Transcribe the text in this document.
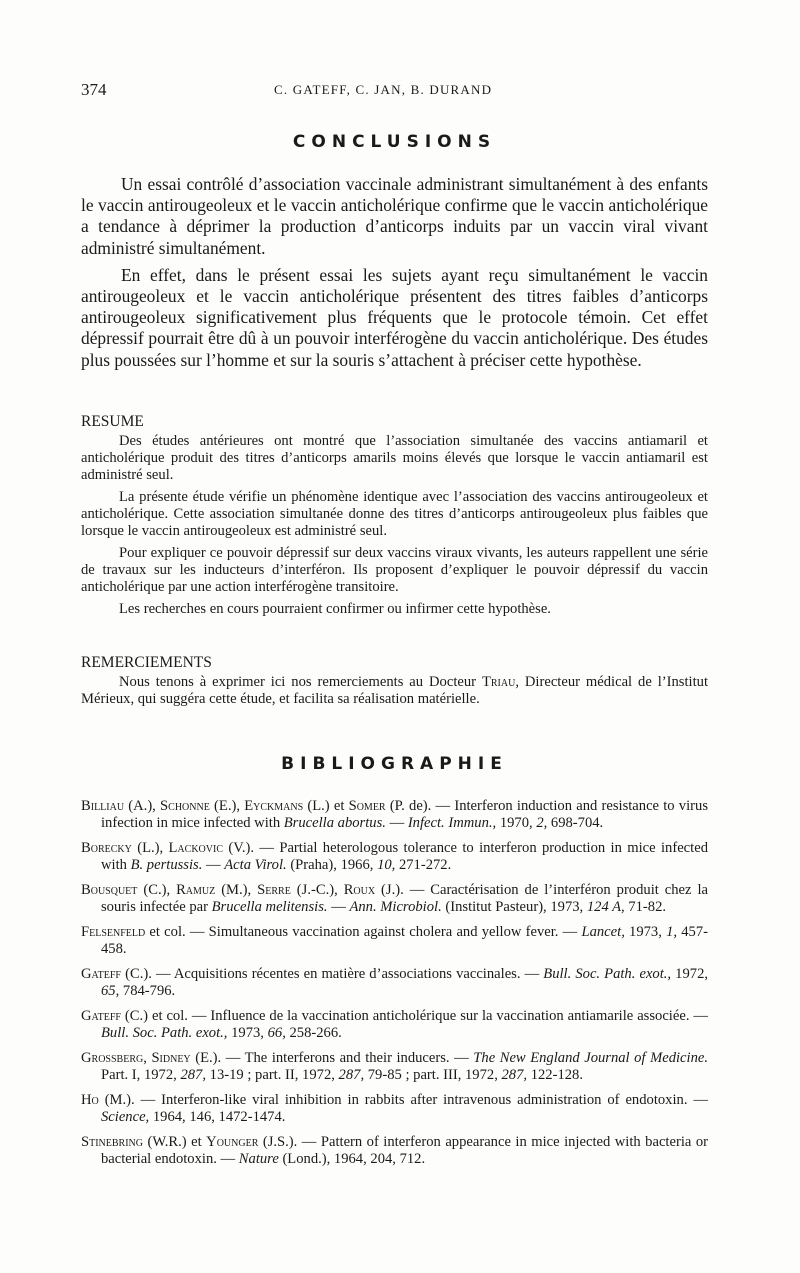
374	C. GATEFF, C. JAN, B. DURAND
CONCLUSIONS

Un essai contrôlé d’association vaccinale administrant simultanément à des enfants le vaccin antirougeoleux et le vaccin anticholérique confirme que le vaccin anticholérique a tendance à déprimer la production d’anticorps induits par un vaccin viral vivant administré simultanément.

En effet, dans le présent essai les sujets ayant reçu simultanément le vaccin antirougeoleux et le vaccin anticholérique présentent des titres faibles d’anticorps antirougeoleux significativement plus fréquents que le protocole témoin. Cet effet dépressif pourrait être dû à un pouvoir interférogène du vaccin anticholérique. Des études plus poussées sur l’homme et sur la souris s’attachent à préciser cette hypothèse.

RESUME

Des études antérieures ont montré que l’association simultanée des vaccins antiamaril et anticholérique produit des titres d’anticorps amarils moins élevés que lorsque le vaccin antiamaril est administré seul.

La présente étude vérifie un phénomène identique avec l’association des vaccins antirougeoleux et anticholérique. Cette association simultanée donne des titres d’anticorps antirougeoleux plus faibles que lorsque le vaccin antirougeoleux est administré seul.

Pour expliquer ce pouvoir dépressif sur deux vaccins viraux vivants, les auteurs rappellent une série de travaux sur les inducteurs d’interféron. Ils proposent d’expliquer le pouvoir dépressif du vaccin anticholérique par une action interférogène transitoire.

Les recherches en cours pourraient confirmer ou infirmer cette hypothèse.

REMERCIEMENTS

Nous tenons à exprimer ici nos remerciements au Docteur Triau, Directeur médical de l’Institut Mérieux, qui suggéra cette étude, et facilita sa réalisation matérielle.

BIBLIOGRAPHIE

Billiau (A.), Schonne (E.), Eyckmans (L.) et Somer (P. de). — Interferon induction and resistance to virus infection in mice infected with Brucella abortus. — Infect. Immun., 1970, 2, 698-704.

Borecky (L.), Lackovic (V.). — Partial heterologous tolerance to interferon production in mice infected with B. pertussis. — Acta Virol. (Praha), 1966, 10, 271-272.

Bousquet (C.), Ramuz (M.), Serre (J.-C.), Roux (J.). — Caractérisation de l’interféron produit chez la souris infectée par Brucella melitensis. — Ann. Microbiol. (Institut Pasteur), 1973, 124 A, 71-82.

Felsenfeld et col. — Simultaneous vaccination against cholera and yellow fever. — Lancet, 1973, 1, 457-458.

Gateff (C.). — Acquisitions récentes en matière d’associations vaccinales. — Bull. Soc. Path. exot., 1972, 65, 784-796.

Gateff (C.) et col. — Influence de la vaccination anticholérique sur la vaccination antiamarile associée. — Bull. Soc. Path. exot., 1973, 66, 258-266.

Grossberg, Sidney (E.). — The interferons and their inducers. — The New England Journal of Medicine. Part. I, 1972, 287, 13-19 ; part. II, 1972, 287, 79-85 ; part. III, 1972, 287, 122-128.

Ho (M.). — Interferon-like viral inhibition in rabbits after intravenous administration of endotoxin. — Science, 1964, 146, 1472-1474.

Stinebring (W.R.) et Younger (J.S.). — Pattern of interferon appearance in mice injected with bacteria or bacterial endotoxin. — Nature (Lond.), 1964, 204, 712.
